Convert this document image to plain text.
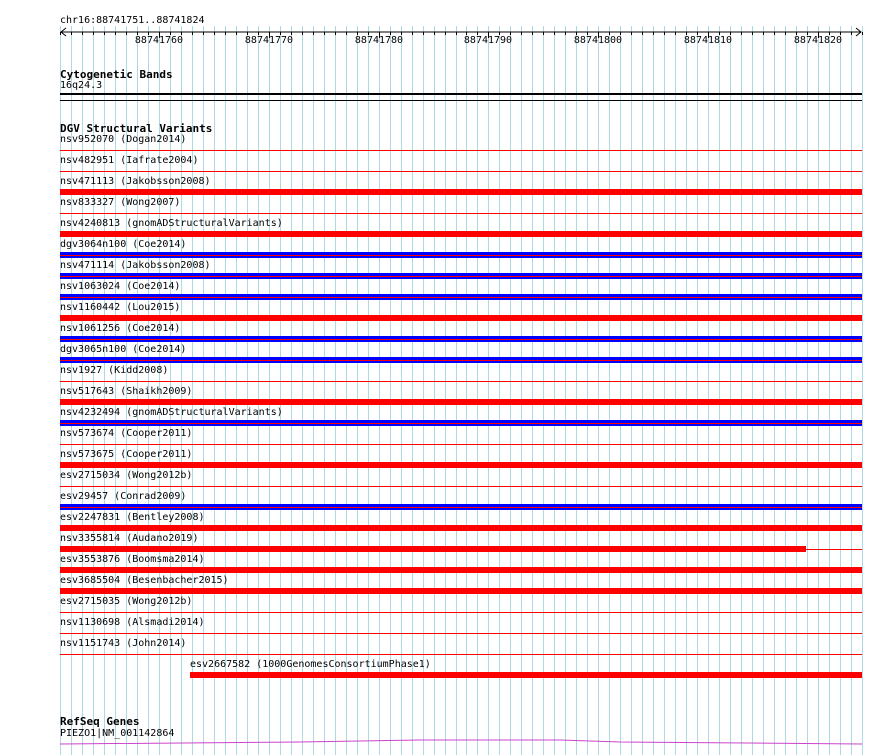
chr16:88741751..88741824
88741760	88741770	88741780	88741790	88741800	88741810	88741820
Cytogenetic Bands
16q24.3
DGV Structural Variants
nsv952070 (Dogan2014)
nsv482951 (Iafrate2004)
nsv471113 (Jakobsson2008)
nsv833327 (Wong2007)
nsv4240813 (gnomADStructuralVariants)
dgv3064n100 (Coe2014)
nsv471114 (Jakobsson2008)
nsv1063024 (Coe2014)
nsv1160442 (Lou2015)
nsv1061256 (Coe2014)
dgv3065n100 (Coe2014)
nsv1927 (Kidd2008)
nsv517643 (Shaikh2009)
nsv4232494 (gnomADStructuralVariants)
nsv573674 (Cooper2011)
nsv573675 (Cooper2011)
esv2715034 (Wong2012b)
esv29457 (Conrad2009)
esv2247831 (Bentley2008)
nsv3355814 (Audano2019)
esv3553876 (Boomsma2014)
esv3685504 (Besenbacher2015)
esv2715035 (Wong2012b)
nsv1130698 (Alsmadi2014)
nsv1151743 (John2014)
esv2667582 (1000GenomesConsortiumPhase1)
RefSeq Genes
PIEZO1|NM_001142864
